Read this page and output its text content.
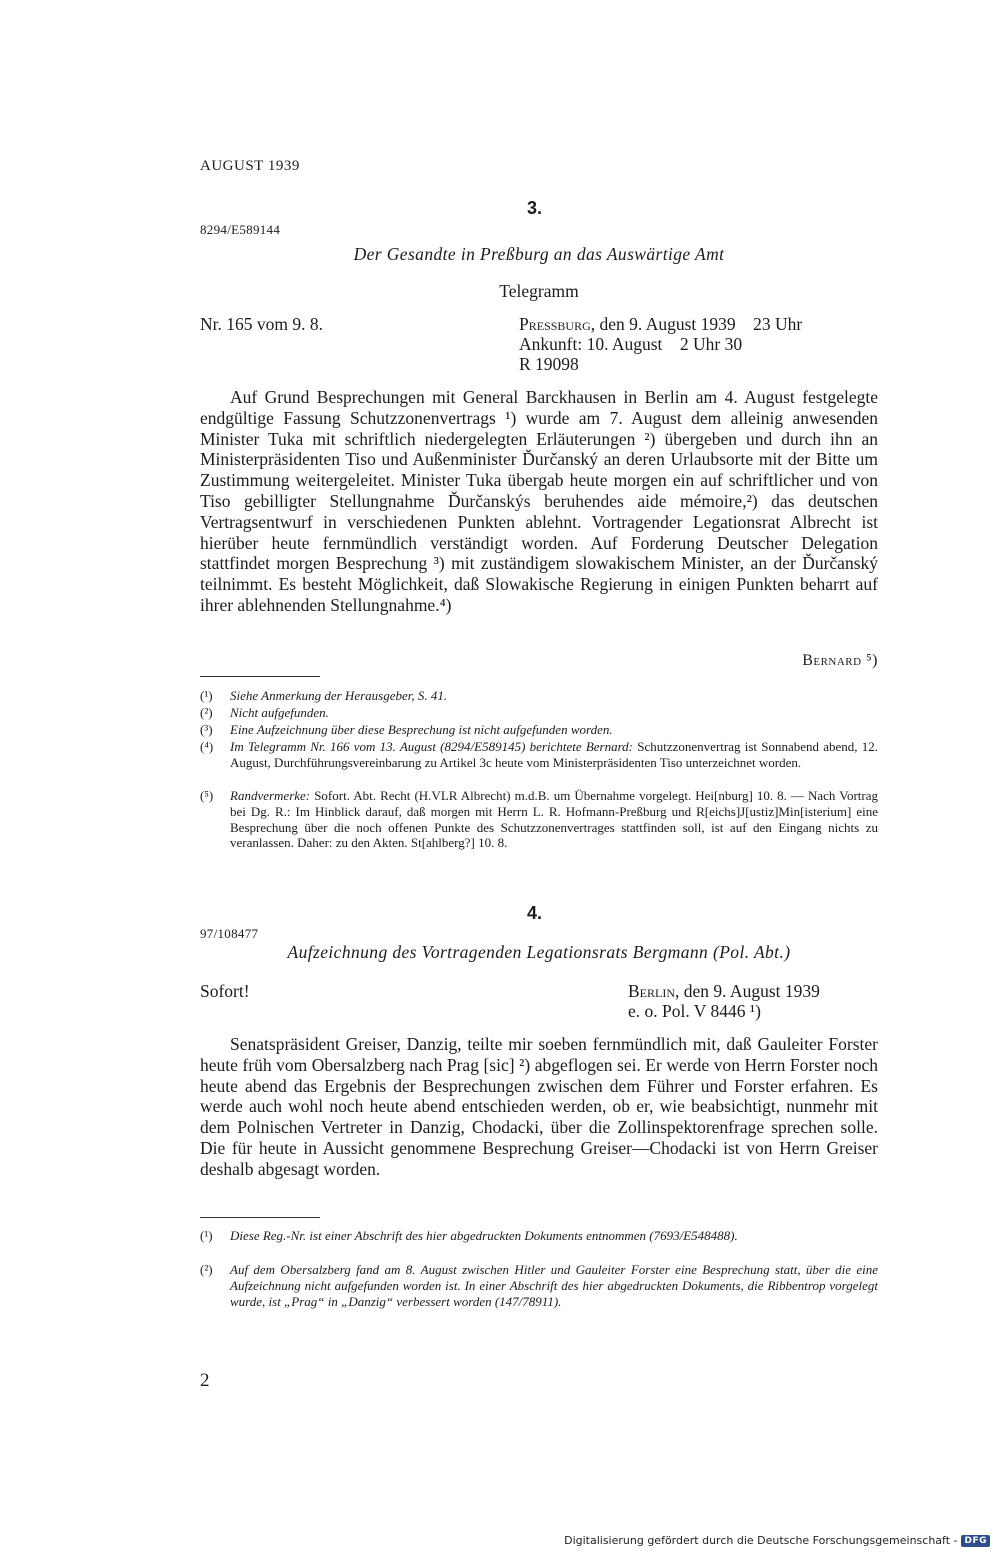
AUGUST 1939
3.
8294/E589144
Der Gesandte in Preßburg an das Auswärtige Amt
Telegramm
Nr. 165 vom 9. 8.	Pressburg, den 9. August 1939    23 Uhr
Ankunft: 10. August    2 Uhr 30
R 19098
Auf Grund Besprechungen mit General Barckhausen in Berlin am 4. August festgelegte endgültige Fassung Schutzzonenvertrags ¹) wurde am 7. August dem alleinig anwesenden Minister Tuka mit schriftlich niedergelegten Erläuterungen ²) übergeben und durch ihn an Ministerpräsidenten Tiso und Außenminister Ďurčanský an deren Urlaubsorte mit der Bitte um Zustimmung weitergeleitet. Minister Tuka übergab heute morgen ein auf schriftlicher und von Tiso gebilligter Stellungnahme Ďurčanskýs beruhendes aide mémoire,²) das deutschen Vertragsentwurf in verschiedenen Punkten ablehnt. Vortragender Legationsrat Albrecht ist hierüber heute fernmündlich verständigt worden. Auf Forderung Deutscher Delegation stattfindet morgen Besprechung ³) mit zuständigem slowakischem Minister, an der Ďurčanský teilnimmt. Es besteht Möglichkeit, daß Slowakische Regierung in einigen Punkten beharrt auf ihrer ablehnenden Stellungnahme.⁴)
Bernard ⁵)
(¹)	Siehe Anmerkung der Herausgeber, S. 41.
(²)	Nicht aufgefunden.
(³)	Eine Aufzeichnung über diese Besprechung ist nicht aufgefunden worden.
(⁴)	Im Telegramm Nr. 166 vom 13. August (8294/E589145) berichtete Bernard: Schutzzonenvertrag ist Sonnabend abend, 12. August, Durchführungsvereinbarung zu Artikel 3c heute vom Ministerpräsidenten Tiso unterzeichnet worden.
(⁵)	Randvermerke: Sofort. Abt. Recht (H.VLR Albrecht) m.d.B. um Übernahme vorgelegt. Hei[nburg] 10. 8. — Nach Vortrag bei Dg. R.: Im Hinblick darauf, daß morgen mit Herrn L. R. Hofmann-Preßburg und R[eichs]J[ustiz]Min[isterium] eine Besprechung über die noch offenen Punkte des Schutzzonenvertrages stattfinden soll, ist auf den Eingang nichts zu veranlassen. Daher: zu den Akten. St[ahlberg?] 10. 8.
4.
97/108477
Aufzeichnung des Vortragenden Legationsrats Bergmann (Pol. Abt.)
Sofort!	Berlin, den 9. August 1939
e. o. Pol. V 8446 ¹)
Senatspräsident Greiser, Danzig, teilte mir soeben fernmündlich mit, daß Gauleiter Forster heute früh vom Obersalzberg nach Prag [sic] ²) abgeflogen sei. Er werde von Herrn Forster noch heute abend das Ergebnis der Besprechungen zwischen dem Führer und Forster erfahren. Es werde auch wohl noch heute abend entschieden werden, ob er, wie beabsichtigt, nunmehr mit dem Polnischen Vertreter in Danzig, Chodacki, über die Zollinspektorenfrage sprechen solle. Die für heute in Aussicht genommene Besprechung Greiser—Chodacki ist von Herrn Greiser deshalb abgesagt worden.
(¹)	Diese Reg.-Nr. ist einer Abschrift des hier abgedruckten Dokuments entnommen (7693/E548488).
(²)	Auf dem Obersalzberg fand am 8. August zwischen Hitler und Gauleiter Forster eine Besprechung statt, über die eine Aufzeichnung nicht aufgefunden worden ist. In einer Abschrift des hier abgedruckten Dokuments, die Ribbentrop vorgelegt wurde, ist „Prag“ in „Danzig“ verbessert worden (147/78911).
2
Digitalisierung gefördert durch die Deutsche Forschungsgemeinschaft - DFG
